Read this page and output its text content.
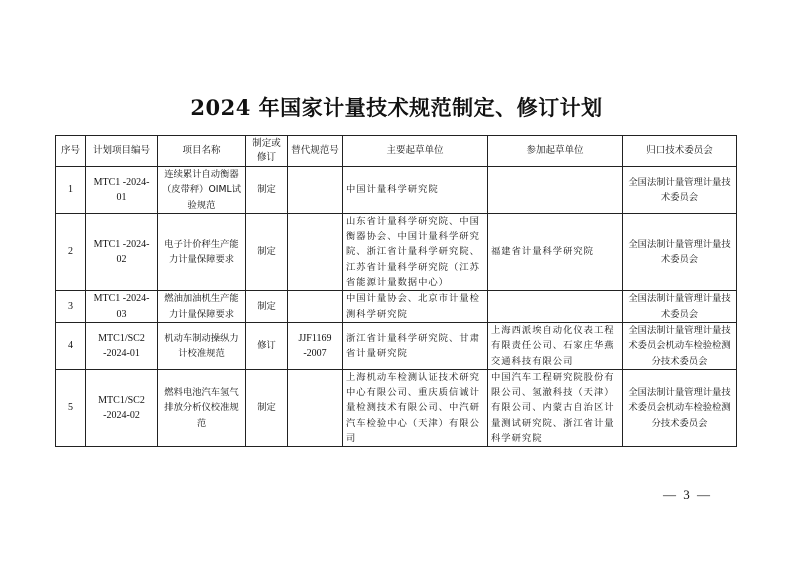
2024 年国家计量技术规范制定、修订计划
序号	计划项目编号	项目名称	制定或修订	替代规范号	主要起草单位	参加起草单位	归口技术委员会
1	MTC1 -2024-01	连续累计自动衡器（皮带秤）OIML试验规范	制定		中国计量科学研究院		全国法制计量管理计量技术委员会
2	MTC1 -2024-02	电子计价秤生产能力计量保障要求	制定		山东省计量科学研究院、中国衡器协会、中国计量科学研究院、浙江省计量科学研究院、江苏省计量科学研究院（江苏省能源计量数据中心）	福建省计量科学研究院	全国法制计量管理计量技术委员会
3	MTC1 -2024-03	燃油加油机生产能力计量保障要求	制定		中国计量协会、北京市计量检测科学研究院		全国法制计量管理计量技术委员会
4	MTC1/SC2 -2024-01	机动车制动操纵力计校准规范	修订	JJF1169 -2007	浙江省计量科学研究院、甘肃省计量研究院	上海西派埃自动化仪表工程有限责任公司、石家庄华燕交通科技有限公司	全国法制计量管理计量技术委员会机动车检验检测分技术委员会
5	MTC1/SC2 -2024-02	燃料电池汽车氢气排放分析仪校准规范	制定		上海机动车检测认证技术研究中心有限公司、重庆质信诚计量检测技术有限公司、中汽研汽车检验中心（天津）有限公司	中国汽车工程研究院股份有限公司、氢澈科技（天津）有限公司、内蒙古自治区计量测试研究院、浙江省计量科学研究院	全国法制计量管理计量技术委员会机动车检验检测分技术委员会
— 3 —
